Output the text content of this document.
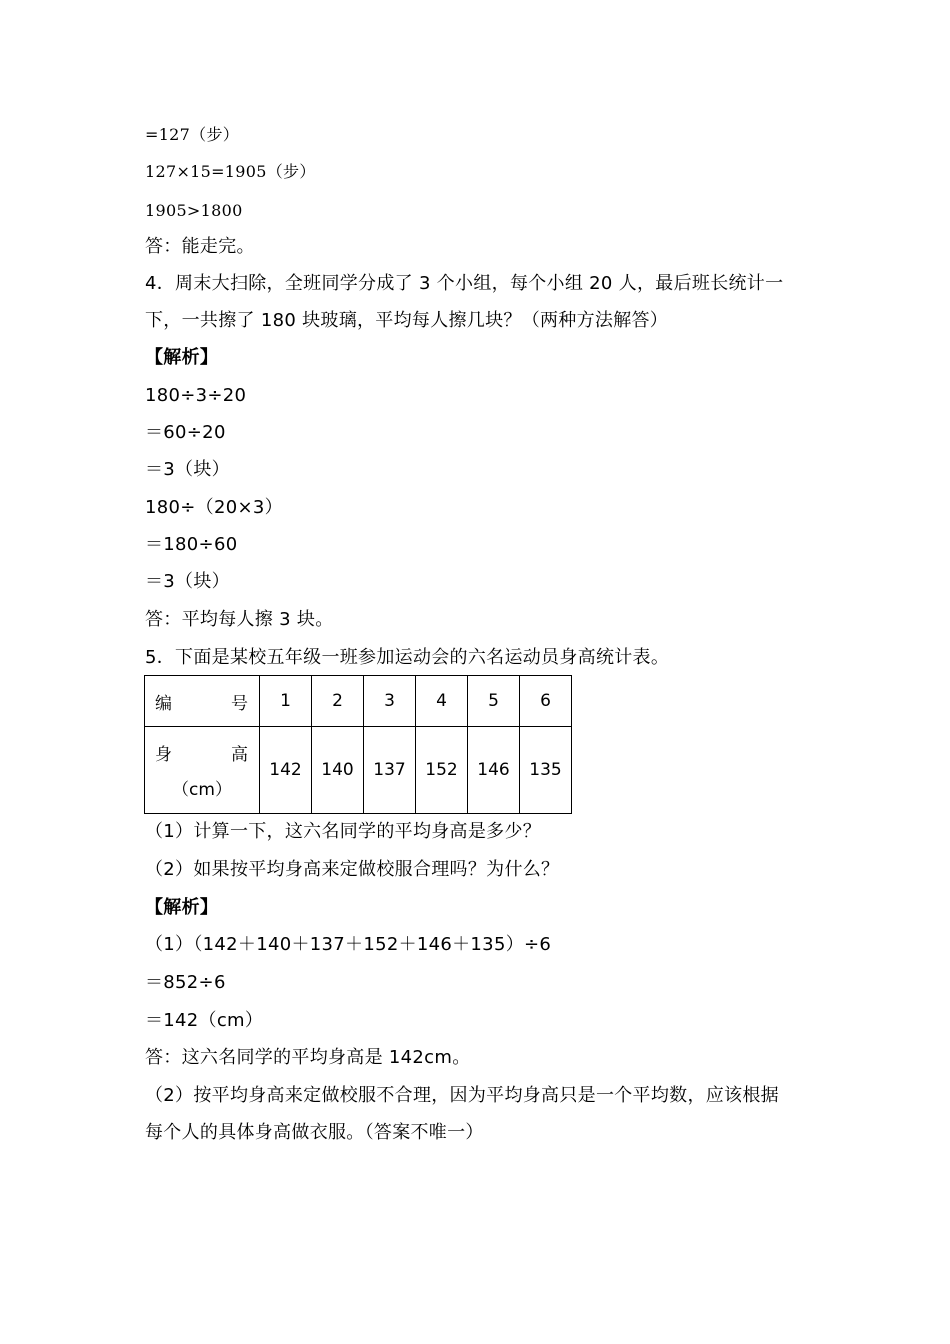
=127（步）
127×15=1905（步）
1905>1800
答：能走完。
4．周末大扫除，全班同学分成了 3 个小组，每个小组 20 人，最后班长统计一
下，一共擦了 180 块玻璃，平均每人擦几块？（两种方法解答）
【解析】
180÷3÷20
＝60÷20
＝3（块）
180÷（20×3）
＝180÷60
＝3（块）
答：平均每人擦 3 块。
5．下面是某校五年级一班参加运动会的六名运动员身高统计表。
编 号	1	2	3	4	5	6

身 高
（cm）	142	140	137	152	146	135
（1）计算一下，这六名同学的平均身高是多少？
（2）如果按平均身高来定做校服合理吗？为什么？
【解析】
（1）（142＋140＋137＋152＋146＋135）÷6
＝852÷6
＝142（cm）
答：这六名同学的平均身高是 142cm。
（2）按平均身高来定做校服不合理，因为平均身高只是一个平均数，应该根据
每个人的具体身高做衣服。（答案不唯一）
